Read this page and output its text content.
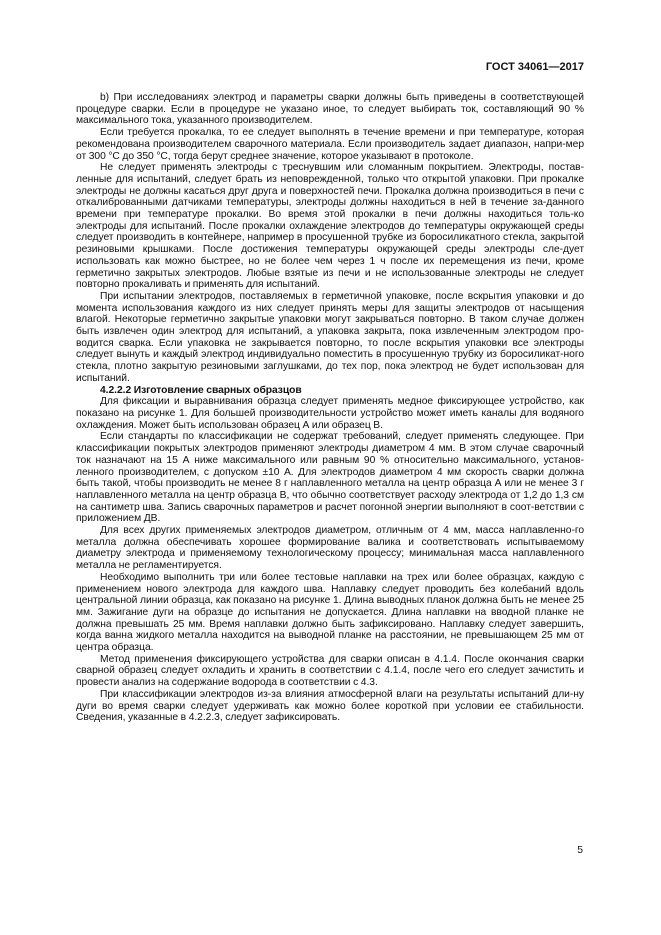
ГОСТ 34061—2017

b) При исследованиях электрод и параметры сварки должны быть приведены в соответствующей процедуре сварки. Если в процедуре не указано иное, то следует выбирать ток, составляющий 90 % максимального тока, указанного производителем.

Если требуется прокалка, то ее следует выполнять в течение времени и при температуре, которая рекомендована производителем сварочного материала. Если производитель задает диапазон, напри-мер от 300 °С до 350 °С, тогда берут среднее значение, которое указывают в протоколе.

Не следует применять электроды с треснувшим или сломанным покрытием. Электроды, постав-ленные для испытаний, следует брать из неповрежденной, только что открытой упаковки. При прокалке электроды не должны касаться друг друга и поверхностей печи. Прокалка должна производиться в печи с откалиброванными датчиками температуры, электроды должны находиться в ней в течение за-данного времени при температуре прокалки. Во время этой прокалки в печи должны находиться толь-ко электроды для испытаний. После прокалки охлаждение электродов до температуры окружающей среды следует производить в контейнере, например в просушенной трубке из боросиликатного стекла, закрытой резиновыми крышками. После достижения температуры окружающей среды электроды сле-дует использовать как можно быстрее, но не более чем через 1 ч после их перемещения из печи, кроме герметично закрытых электродов. Любые взятые из печи и не использованные электроды не следует повторно прокаливать и применять для испытаний.

При испытании электродов, поставляемых в герметичной упаковке, после вскрытия упаковки и до момента использования каждого из них следует принять меры для защиты электродов от насыщения влагой. Некоторые герметично закрытые упаковки могут закрываться повторно. В таком случае должен быть извлечен один электрод для испытаний, а упаковка закрыта, пока извлеченным электродом про-водится сварка. Если упаковка не закрывается повторно, то после вскрытия упаковки все электроды следует вынуть и каждый электрод индивидуально поместить в просушенную трубку из боросиликат-ного стекла, плотно закрытую резиновыми заглушками, до тех пор, пока электрод не будет использован для испытаний.

4.2.2.2 Изготовление сварных образцов

Для фиксации и выравнивания образца следует применять медное фиксирующее устройство, как показано на рисунке 1. Для большей производительности устройство может иметь каналы для водяного охлаждения. Может быть использован образец А или образец В.

Если стандарты по классификации не содержат требований, следует применять следующее. При классификации покрытых электродов применяют электроды диаметром 4 мм. В этом случае сварочный ток назначают на 15 А ниже максимального или равным 90 % относительно максимального, установ-ленного производителем, с допуском ±10 А. Для электродов диаметром 4 мм скорость сварки должна быть такой, чтобы производить не менее 8 г наплавленного металла на центр образца А или не менее 3 г наплавленного металла на центр образца В, что обычно соответствует расходу электрода от 1,2 до 1,3 см на сантиметр шва. Запись сварочных параметров и расчет погонной энергии выполняют в соот-ветствии с приложением ДВ.

Для всех других применяемых электродов диаметром, отличным от 4 мм, масса наплавленно-го металла должна обеспечивать хорошее формирование валика и соответствовать испытываемому диаметру электрода и применяемому технологическому процессу; минимальная масса наплавленного металла не регламентируется.

Необходимо выполнить три или более тестовые наплавки на трех или более образцах, каждую с применением нового электрода для каждого шва. Наплавку следует проводить без колебаний вдоль центральной линии образца, как показано на рисунке 1. Длина выводных планок должна быть не менее 25 мм. Зажигание дуги на образце до испытания не допускается. Длина наплавки на вводной планке не должна превышать 25 мм. Время наплавки должно быть зафиксировано. Наплавку следует завершить, когда ванна жидкого металла находится на выводной планке на расстоянии, не превышающем 25 мм от центра образца.

Метод применения фиксирующего устройства для сварки описан в 4.1.4. После окончания сварки сварной образец следует охладить и хранить в соответствии с 4.1.4, после чего его следует зачистить и провести анализ на содержание водорода в соответствии с 4.3.

При классификации электродов из-за влияния атмосферной влаги на результаты испытаний дли-ну дуги во время сварки следует удерживать как можно более короткой при условии ее стабильности. Сведения, указанные в 4.2.2.3, следует зафиксировать.

5
